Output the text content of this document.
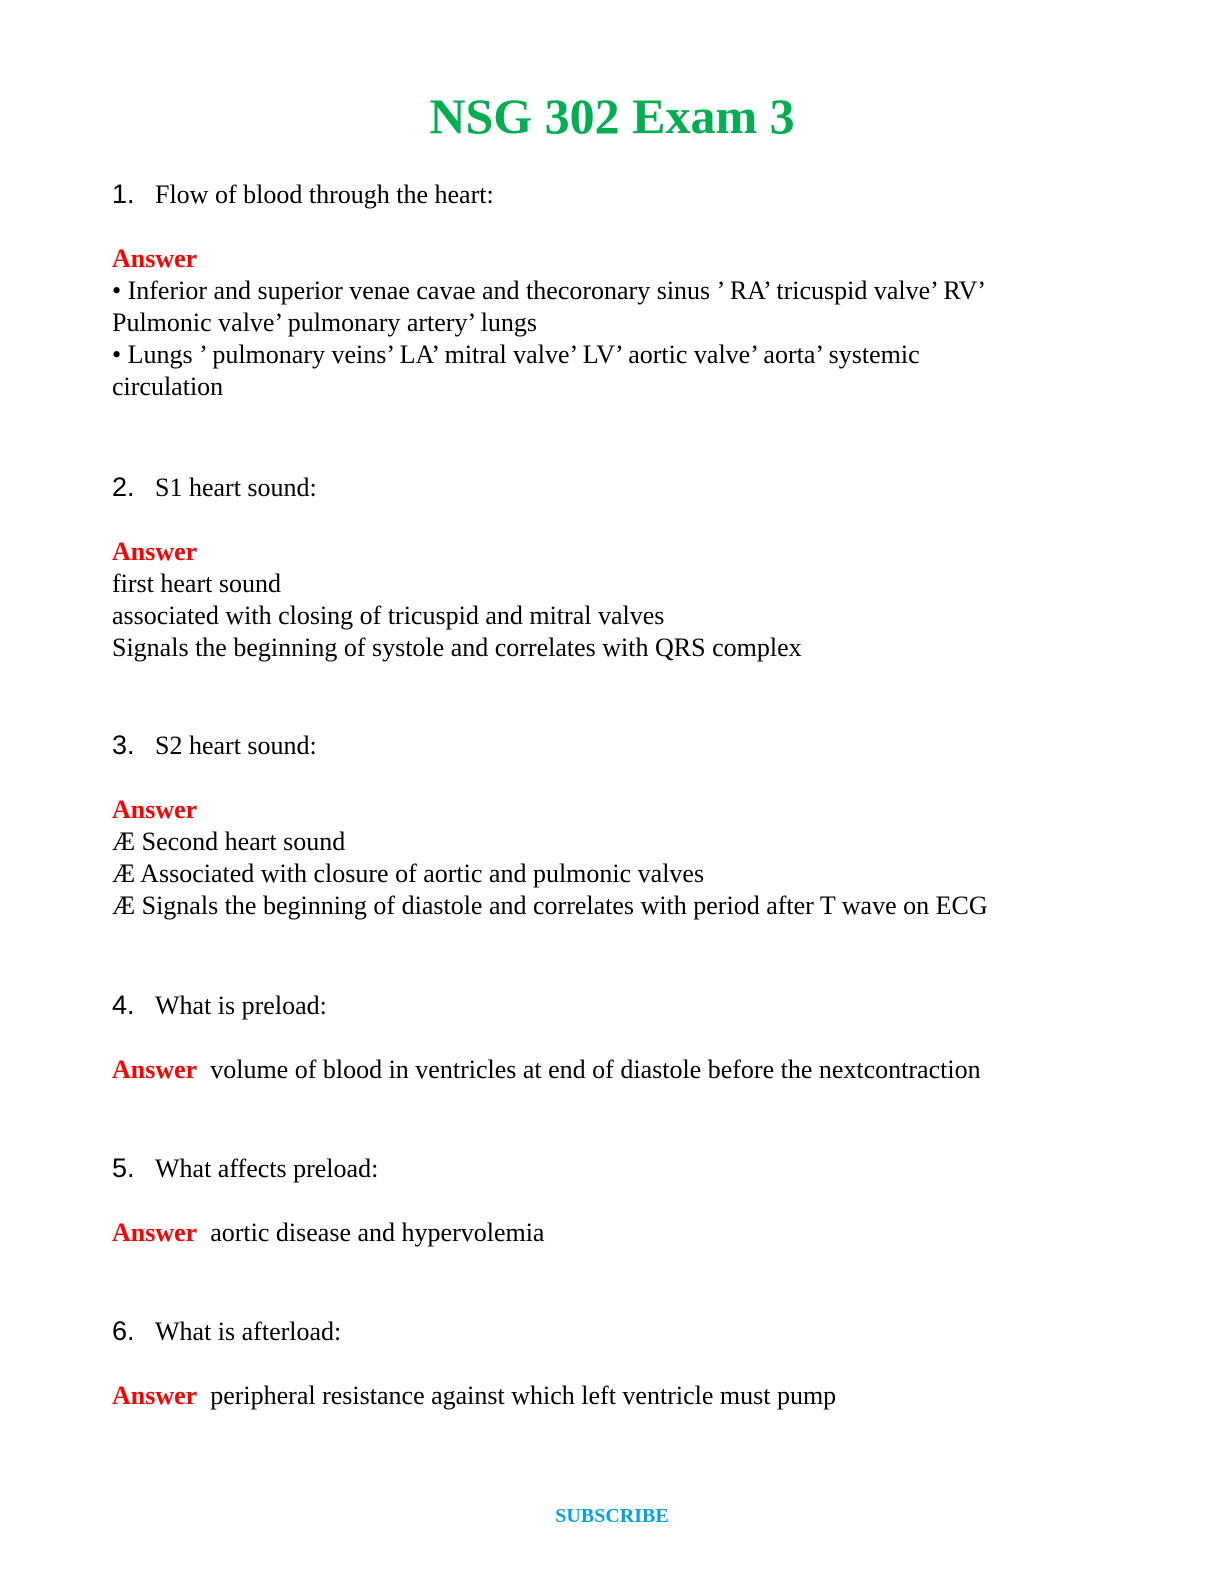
NSG 302 Exam 3
1. Flow of blood through the heart:
Answer
• Inferior and superior venae cavae and thecoronary sinus ’ RA’ tricuspid valve’ RV’
Pulmonic valve’ pulmonary artery’ lungs
• Lungs ’ pulmonary veins’ LA’ mitral valve’ LV’ aortic valve’ aorta’ systemic
circulation
2. S1 heart sound:
Answer
first heart sound
associated with closing of tricuspid and mitral valves
Signals the beginning of systole and correlates with QRS complex
3. S2 heart sound:
Answer
Æ Second heart sound
Æ Associated with closure of aortic and pulmonic valves
Æ Signals the beginning of diastole and correlates with period after T wave on ECG
4. What is preload:
Answer volume of blood in ventricles at end of diastole before the nextcontraction
5. What affects preload:
Answer aortic disease and hypervolemia
6. What is afterload:
Answer peripheral resistance against which left ventricle must pump
SUBSCRIBE
